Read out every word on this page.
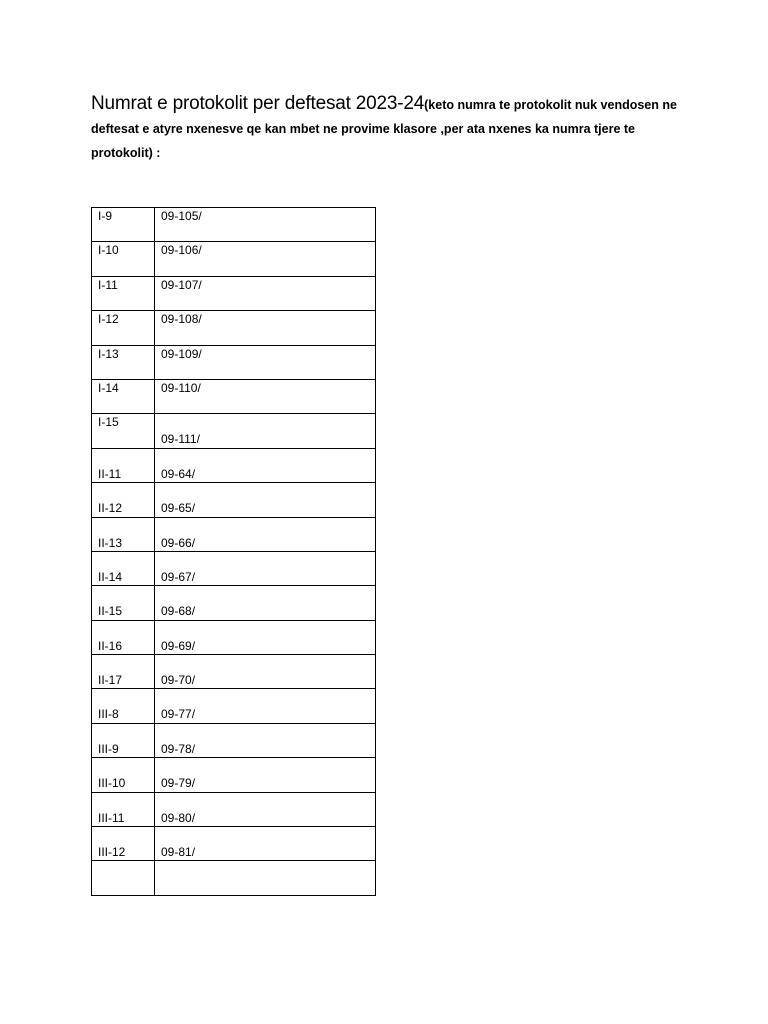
Numrat e protokolit per deftesat 2023-24(keto numra te protokolit nuk vendosen ne deftesat e atyre nxenesve qe kan mbet ne provime klasore ,per ata nxenes ka numra tjere te protokolit) :
I-9	09-105/

I-10	09-106/

I-11	09-107/

I-12	09-108/

I-13	09-109/

I-14	09-110/

I-15	09-111/

II-11	09-64/

II-12	09-65/

II-13	09-66/

II-14	09-67/

II-15	09-68/

II-16	09-69/

II-17	09-70/

III-8	09-77/

III-9	09-78/

III-10	09-79/

III-11	09-80/

III-12	09-81/
